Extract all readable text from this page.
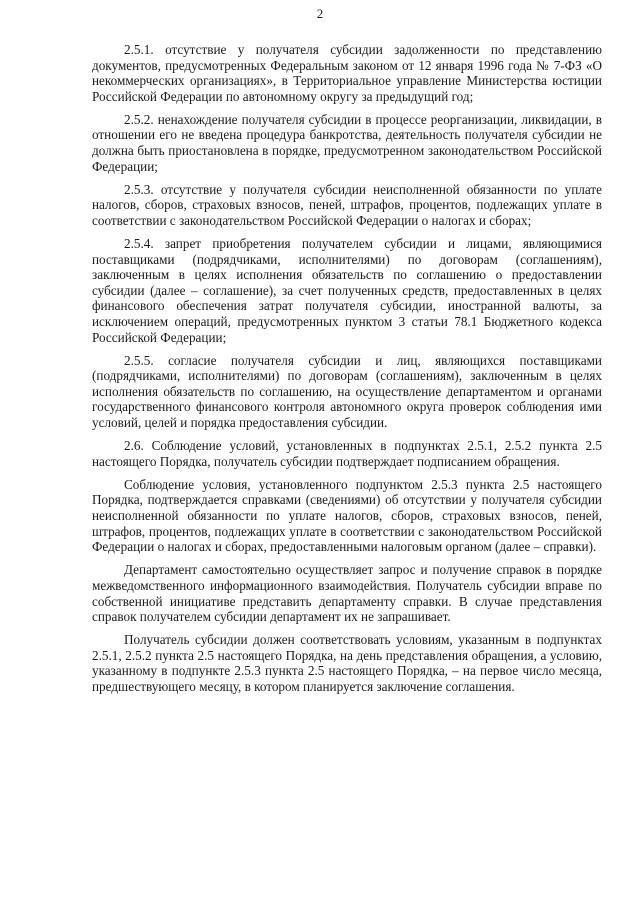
2

2.5.1. отсутствие у получателя субсидии задолженности по представлению документов, предусмотренных Федеральным законом от 12 января 1996 года № 7-ФЗ «О некоммерческих организациях», в Территориальное управление Министерства юстиции Российской Федерации по автономному округу за предыдущий год;

2.5.2. ненахождение получателя субсидии в процессе реорганизации, ликвидации, в отношении его не введена процедура банкротства, деятельность получателя субсидии не должна быть приостановлена в порядке, предусмотренном законодательством Российской Федерации;

2.5.3. отсутствие у получателя субсидии неисполненной обязанности по уплате налогов, сборов, страховых взносов, пеней, штрафов, процентов, подлежащих уплате в соответствии с законодательством Российской Федерации о налогах и сборах;

2.5.4. запрет приобретения получателем субсидии и лицами, являющимися поставщиками (подрядчиками, исполнителями) по договорам (соглашениям), заключенным в целях исполнения обязательств по соглашению о предоставлении субсидии (далее – соглашение), за счет полученных средств, предоставленных в целях финансового обеспечения затрат получателя субсидии, иностранной валюты, за исключением операций, предусмотренных пунктом 3 статьи 78.1 Бюджетного кодекса Российской Федерации;

2.5.5. согласие получателя субсидии и лиц, являющихся поставщиками (подрядчиками, исполнителями) по договорам (соглашениям), заключенным в целях исполнения обязательств по соглашению, на осуществление департаментом и органами государственного финансового контроля автономного округа проверок соблюдения ими условий, целей и порядка предоставления субсидии.

2.6. Соблюдение условий, установленных в подпунктах 2.5.1, 2.5.2 пункта 2.5 настоящего Порядка, получатель субсидии подтверждает подписанием обращения.

Соблюдение условия, установленного подпунктом 2.5.3 пункта 2.5 настоящего Порядка, подтверждается справками (сведениями) об отсутствии у получателя субсидии неисполненной обязанности по уплате налогов, сборов, страховых взносов, пеней, штрафов, процентов, подлежащих уплате в соответствии с законодательством Российской Федерации о налогах и сборах, предоставленными налоговым органом (далее – справки).

Департамент самостоятельно осуществляет запрос и получение справок в порядке межведомственного информационного взаимодействия. Получатель субсидии вправе по собственной инициативе представить департаменту справки. В случае представления справок получателем субсидии департамент их не запрашивает.

Получатель субсидии должен соответствовать условиям, указанным в подпунктах 2.5.1, 2.5.2 пункта 2.5 настоящего Порядка, на день представления обращения, а условию, указанному в подпункте 2.5.3 пункта 2.5 настоящего Порядка, – на первое число месяца, предшествующего месяцу, в котором планируется заключение соглашения.
